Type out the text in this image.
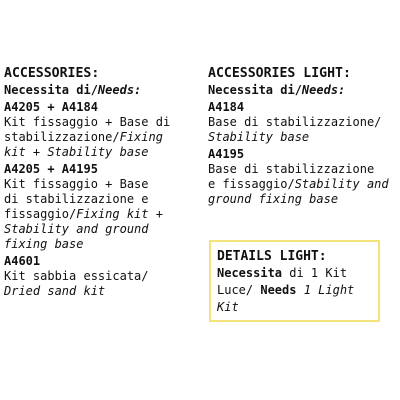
ACCESSORIES:
Necessita di/Needs:
A4205 + A4184
Kit fissaggio + Base di
stabilizzazione/Fixing
kit + Stability base
A4205 + A4195
Kit fissaggio + Base
di stabilizzazione e
fissaggio/Fixing kit +
Stability and ground
fixing base
A4601
Kit sabbia essicata/
Dried sand kit
ACCESSORIES LIGHT:
Necessita di/Needs:
A4184
Base di stabilizzazione/
Stability base
A4195
Base di stabilizzazione
e fissaggio/Stability and
ground fixing base
DETAILS LIGHT:
Necessita di 1 Kit
Luce/ Needs 1 Light
Kit
